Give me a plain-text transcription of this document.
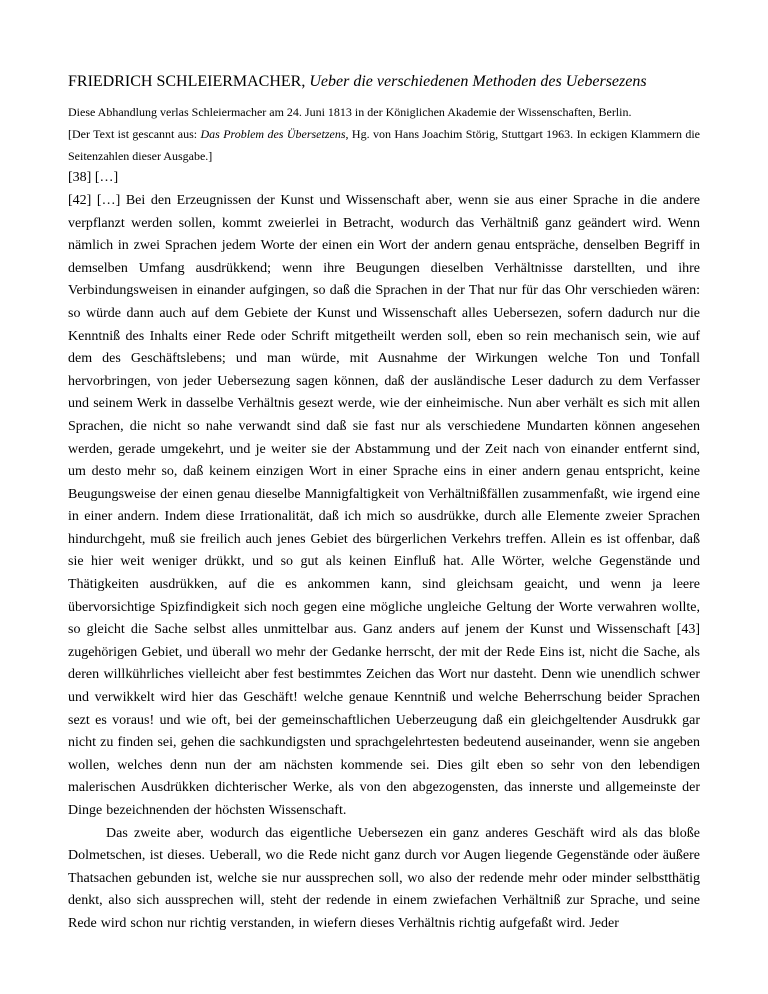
FRIEDRICH SCHLEIERMACHER, Ueber die verschiedenen Methoden des Uebersezens

Diese Abhandlung verlas Schleiermacher am 24. Juni 1813 in der Königlichen Akademie der Wissenschaften, Berlin.

[Der Text ist gescannt aus: Das Problem des Übersetzens, Hg. von Hans Joachim Störig, Stuttgart 1963. In eckigen Klammern die Seitenzahlen dieser Ausgabe.]

[38] […]

[42] […] Bei den Erzeugnissen der Kunst und Wissenschaft aber, wenn sie aus einer Sprache in die andere verpflanzt werden sollen, kommt zweierlei in Betracht, wodurch das Verhältniß ganz geändert wird. Wenn nämlich in zwei Sprachen jedem Worte der einen ein Wort der andern genau entspräche, denselben Begriff in demselben Umfang ausdrükkend; wenn ihre Beugungen dieselben Verhältnisse darstellten, und ihre Verbindungsweisen in einander aufgingen, so daß die Sprachen in der That nur für das Ohr verschieden wären: so würde dann auch auf dem Gebiete der Kunst und Wissenschaft alles Uebersezen, sofern dadurch nur die Kenntniß des Inhalts einer Rede oder Schrift mitgetheilt werden soll, eben so rein mechanisch sein, wie auf dem des Geschäftslebens; und man würde, mit Ausnahme der Wirkungen welche Ton und Tonfall hervorbringen, von jeder Uebersezung sagen können, daß der ausländische Leser dadurch zu dem Verfasser und seinem Werk in dasselbe Verhältnis gesezt werde, wie der einheimische. Nun aber verhält es sich mit allen Sprachen, die nicht so nahe verwandt sind daß sie fast nur als verschiedene Mundarten können angesehen werden, gerade umgekehrt, und je weiter sie der Abstammung und der Zeit nach von einander entfernt sind, um desto mehr so, daß keinem einzigen Wort in einer Sprache eins in einer andern genau entspricht, keine Beugungsweise der einen genau dieselbe Mannigfaltigkeit von Verhältnißfällen zusammenfaßt, wie irgend eine in einer andern. Indem diese Irrationalität, daß ich mich so ausdrükke, durch alle Elemente zweier Sprachen hindurchgeht, muß sie freilich auch jenes Gebiet des bürgerlichen Verkehrs treffen. Allein es ist offenbar, daß sie hier weit weniger drükkt, und so gut als keinen Einfluß hat. Alle Wörter, welche Gegenstände und Thätigkeiten ausdrükken, auf die es ankommen kann, sind gleichsam geaicht, und wenn ja leere übervorsichtige Spizfindigkeit sich noch gegen eine mögliche ungleiche Geltung der Worte verwahren wollte, so gleicht die Sache selbst alles unmittelbar aus. Ganz anders auf jenem der Kunst und Wissenschaft [43] zugehörigen Gebiet, und überall wo mehr der Gedanke herrscht, der mit der Rede Eins ist, nicht die Sache, als deren willkührliches vielleicht aber fest bestimmtes Zeichen das Wort nur dasteht. Denn wie unendlich schwer und verwikkelt wird hier das Geschäft! welche genaue Kenntniß und welche Beherrschung beider Sprachen sezt es voraus! und wie oft, bei der gemeinschaftlichen Ueberzeugung daß ein gleichgeltender Ausdrukk gar nicht zu finden sei, gehen die sachkundigsten und sprachgelehrtesten bedeutend auseinander, wenn sie angeben wollen, welches denn nun der am nächsten kommende sei. Dies gilt eben so sehr von den lebendigen malerischen Ausdrükken dichterischer Werke, als von den abgezogensten, das innerste und allgemeinste der Dinge bezeichnenden der höchsten Wissenschaft.

Das zweite aber, wodurch das eigentliche Uebersezen ein ganz anderes Geschäft wird als das bloße Dolmetschen, ist dieses. Ueberall, wo die Rede nicht ganz durch vor Augen liegende Gegenstände oder äußere Thatsachen gebunden ist, welche sie nur aussprechen soll, wo also der redende mehr oder minder selbstthätig denkt, also sich aussprechen will, steht der redende in einem zwiefachen Verhältniß zur Sprache, und seine Rede wird schon nur richtig verstanden, in wiefern dieses Verhältnis richtig aufgefaßt wird. Jeder
